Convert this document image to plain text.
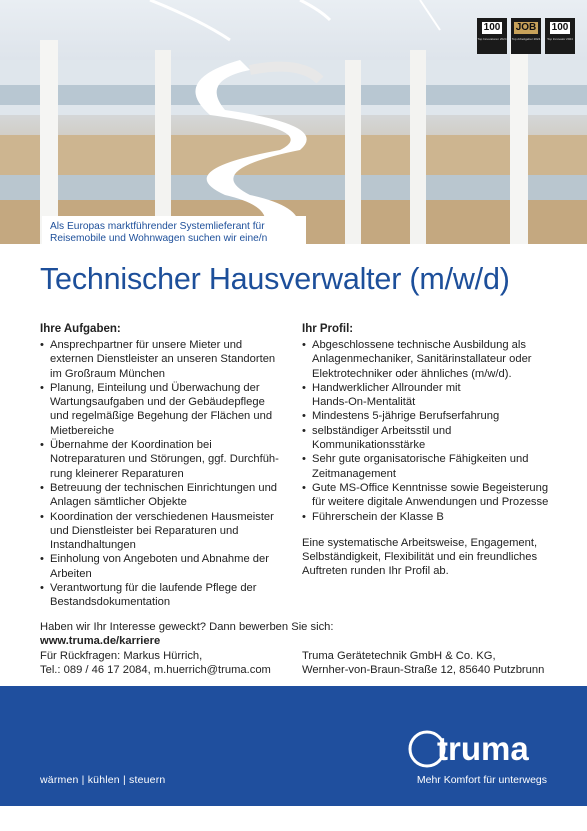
100
Top Innovatoren 2024
JOB
Top Arbeitgeber 2024
100
Top Innovator 2024
Als Europas marktführender Systemlieferant für
Reisemobile und Wohnwagen suchen wir eine/n
Technischer Hausverwalter (m/w/d)
Ihre Aufgaben:
• Ansprechpartner für unsere Mieter und
externen Dienstleister an unseren Standorten
im Großraum München
• Planung, Einteilung und Überwachung der
Wartungsaufgaben und der Gebäudepflege
und regelmäßige Begehung der Flächen und
Mietbereiche
• Übernahme der Koordination bei
Notreparaturen und Störungen, ggf. Durchfüh-
rung kleinerer Reparaturen
• Betreuung der technischen Einrichtungen und
Anlagen sämtlicher Objekte
• Koordination der verschiedenen Hausmeister
und Dienstleister bei Reparaturen und
Instandhaltungen
• Einholung von Angeboten und Abnahme der
Arbeiten
• Verantwortung für die laufende Pflege der
Bestandsdokumentation
Ihr Profil:
• Abgeschlossene technische Ausbildung als
Anlagenmechaniker, Sanitärinstallateur oder
Elektrotechniker oder ähnliches (m/w/d).
• Handwerklicher Allrounder mit
Hands-On-Mentalität
• Mindestens 5-jährige Berufserfahrung
• selbständiger Arbeitsstil und
Kommunikationsstärke
• Sehr gute organisatorische Fähigkeiten und
Zeitmanagement
• Gute MS-Office Kenntnisse sowie Begeisterung
für weitere digitale Anwendungen und Prozesse
• Führerschein der Klasse B

Eine systematische Arbeitsweise, Engagement,
Selbständigkeit, Flexibilität und ein freundliches
Auftreten runden Ihr Profil ab.

Haben wir Ihr Interesse geweckt? Dann bewerben Sie sich:
www.truma.de/karriere
Für Rückfragen: Markus Hürrich,	Truma Gerätetechnik GmbH & Co. KG,
Tel.: 089 / 46 17 2084, m.huerrich@truma.com	Wernher-von-Braun-Straße 12, 85640 Putzbrunn
truma
wärmen | kühlen | steuern	Mehr Komfort für unterwegs
